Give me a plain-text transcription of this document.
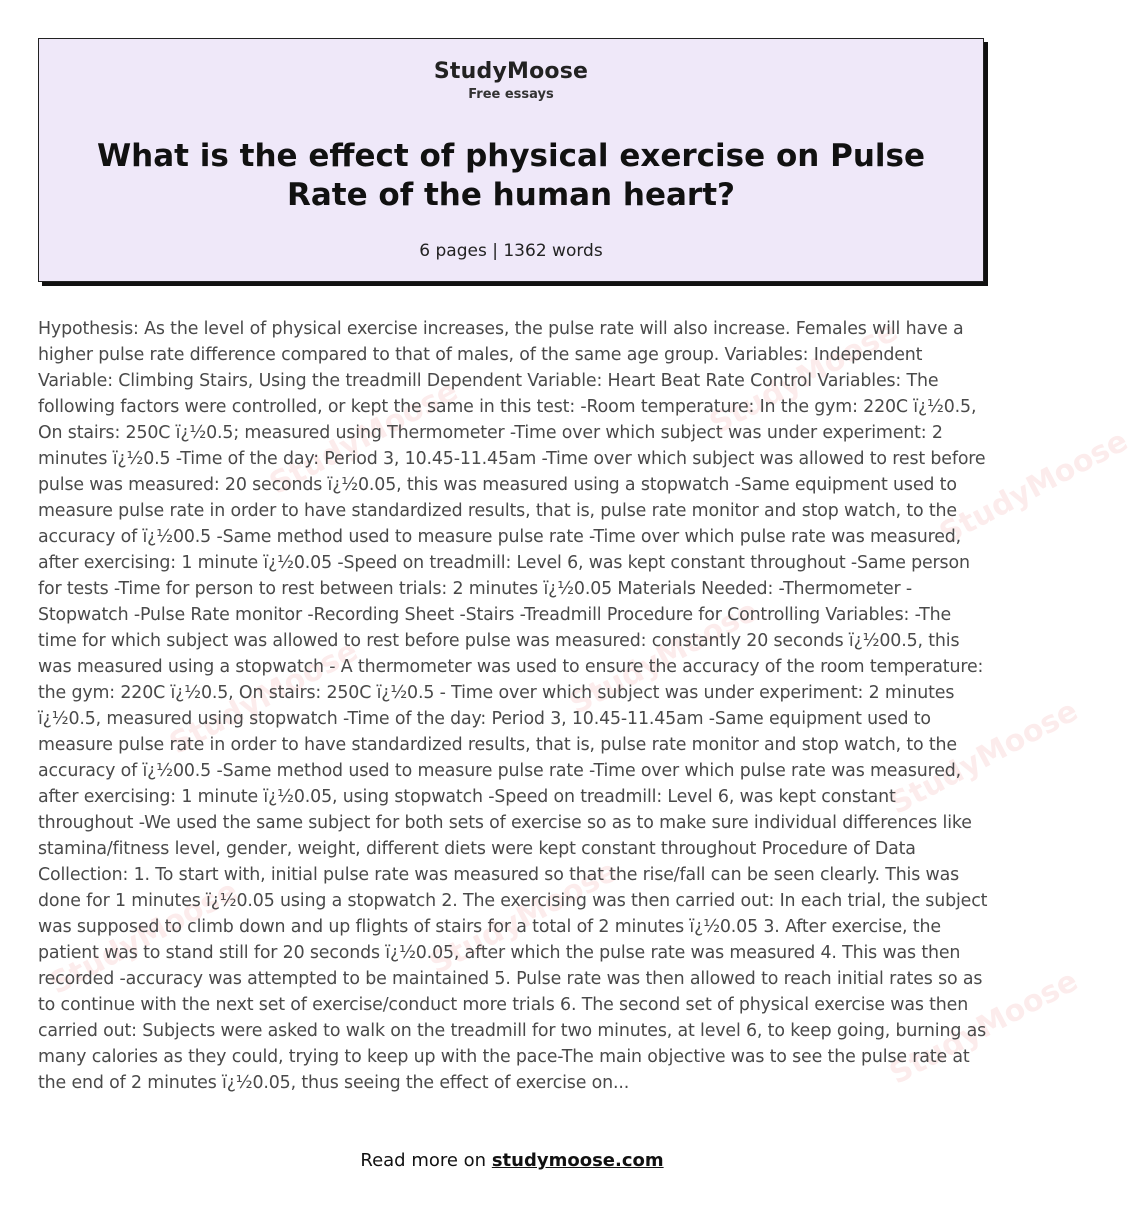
StudyMoose
Free essays
What is the effect of physical exercise on Pulse Rate of the human heart?
6 pages | 1362 words
StudyMoose	StudyMoose
StudyMoose
StudyMoose	StudyMoose
StudyMoose
StudyMoose	StudyMoose
StudyMoose

Hypothesis: As the level of physical exercise increases, the pulse rate will also increase. Females will have a higher pulse rate difference compared to that of males, of the same age group. Variables: Independent Variable: Climbing Stairs, Using the treadmill Dependent Variable: Heart Beat Rate Control Variables: The following factors were controlled, or kept the same in this test: -Room temperature: In the gym: 220C ï¿½0.5, On stairs: 250C ï¿½0.5; measured using Thermometer -Time over which subject was under experiment: 2 minutes ï¿½0.5 -Time of the day: Period 3, 10.45-11.45am -Time over which subject was allowed to rest before pulse was measured: 20 seconds ï¿½0.05, this was measured using a stopwatch -Same equipment used to measure pulse rate in order to have standardized results, that is, pulse rate monitor and stop watch, to the accuracy of ï¿½00.5 -Same method used to measure pulse rate -Time over which pulse rate was measured, after exercising: 1 minute ï¿½0.05 -Speed on treadmill: Level 6, was kept constant throughout -Same person for tests -Time for person to rest between trials: 2 minutes ï¿½0.05 Materials Needed: -Thermometer -Stopwatch -Pulse Rate monitor -Recording Sheet -Stairs -Treadmill Procedure for Controlling Variables: -The time for which subject was allowed to rest before pulse was measured: constantly 20 seconds ï¿½00.5, this was measured using a stopwatch - A thermometer was used to ensure the accuracy of the room temperature: the gym: 220C ï¿½0.5, On stairs: 250C ï¿½0.5 - Time over which subject was under experiment: 2 minutes ï¿½0.5, measured using stopwatch -Time of the day: Period 3, 10.45-11.45am -Same equipment used to measure pulse rate in order to have standardized results, that is, pulse rate monitor and stop watch, to the accuracy of ï¿½00.5 -Same method used to measure pulse rate -Time over which pulse rate was measured, after exercising: 1 minute ï¿½0.05, using stopwatch -Speed on treadmill: Level 6, was kept constant throughout -We used the same subject for both sets of exercise so as to make sure individual differences like stamina/fitness level, gender, weight, different diets were kept constant throughout Procedure of Data Collection: 1. To start with, initial pulse rate was measured so that the rise/fall can be seen clearly. This was done for 1 minutes ï¿½0.05 using a stopwatch 2. The exercising was then carried out: In each trial, the subject was supposed to climb down and up flights of stairs for a total of 2 minutes ï¿½0.05 3. After exercise, the patient was to stand still for 20 seconds ï¿½0.05, after which the pulse rate was measured 4. This was then recorded -accuracy was attempted to be maintained 5. Pulse rate was then allowed to reach initial rates so as to continue with the next set of exercise/conduct more trials 6. The second set of physical exercise was then carried out: Subjects were asked to walk on the treadmill for two minutes, at level 6, to keep going, burning as many calories as they could, trying to keep up with the pace-The main objective was to see the pulse rate at the end of 2 minutes ï¿½0.05, thus seeing the effect of exercise on...

Read more on studymoose.com
